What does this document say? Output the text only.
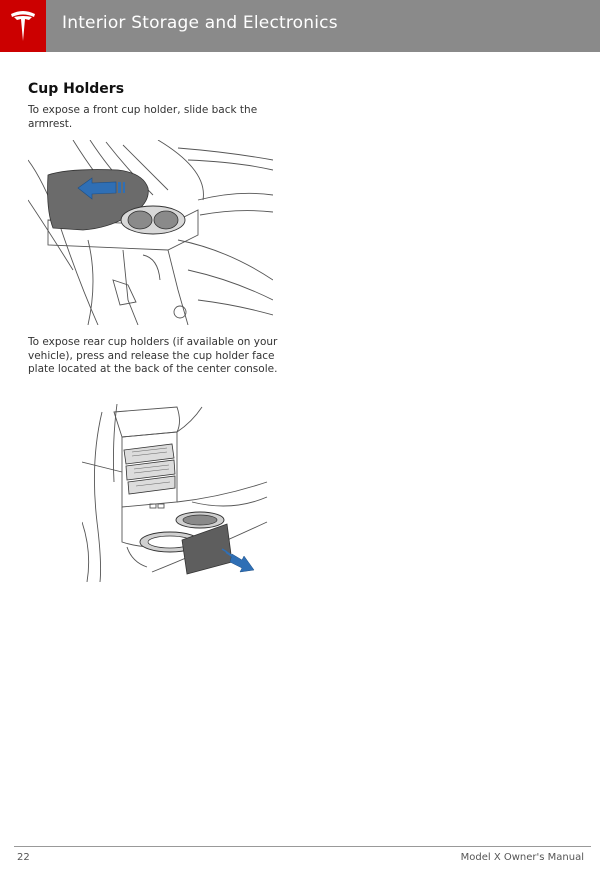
Interior Storage and Electronics
Cup Holders
To expose a front cup holder, slide back the armrest.
To expose rear cup holders (if available on your vehicle), press and release the cup holder face plate located at the back of the center console.
22	Model X Owner's Manual
